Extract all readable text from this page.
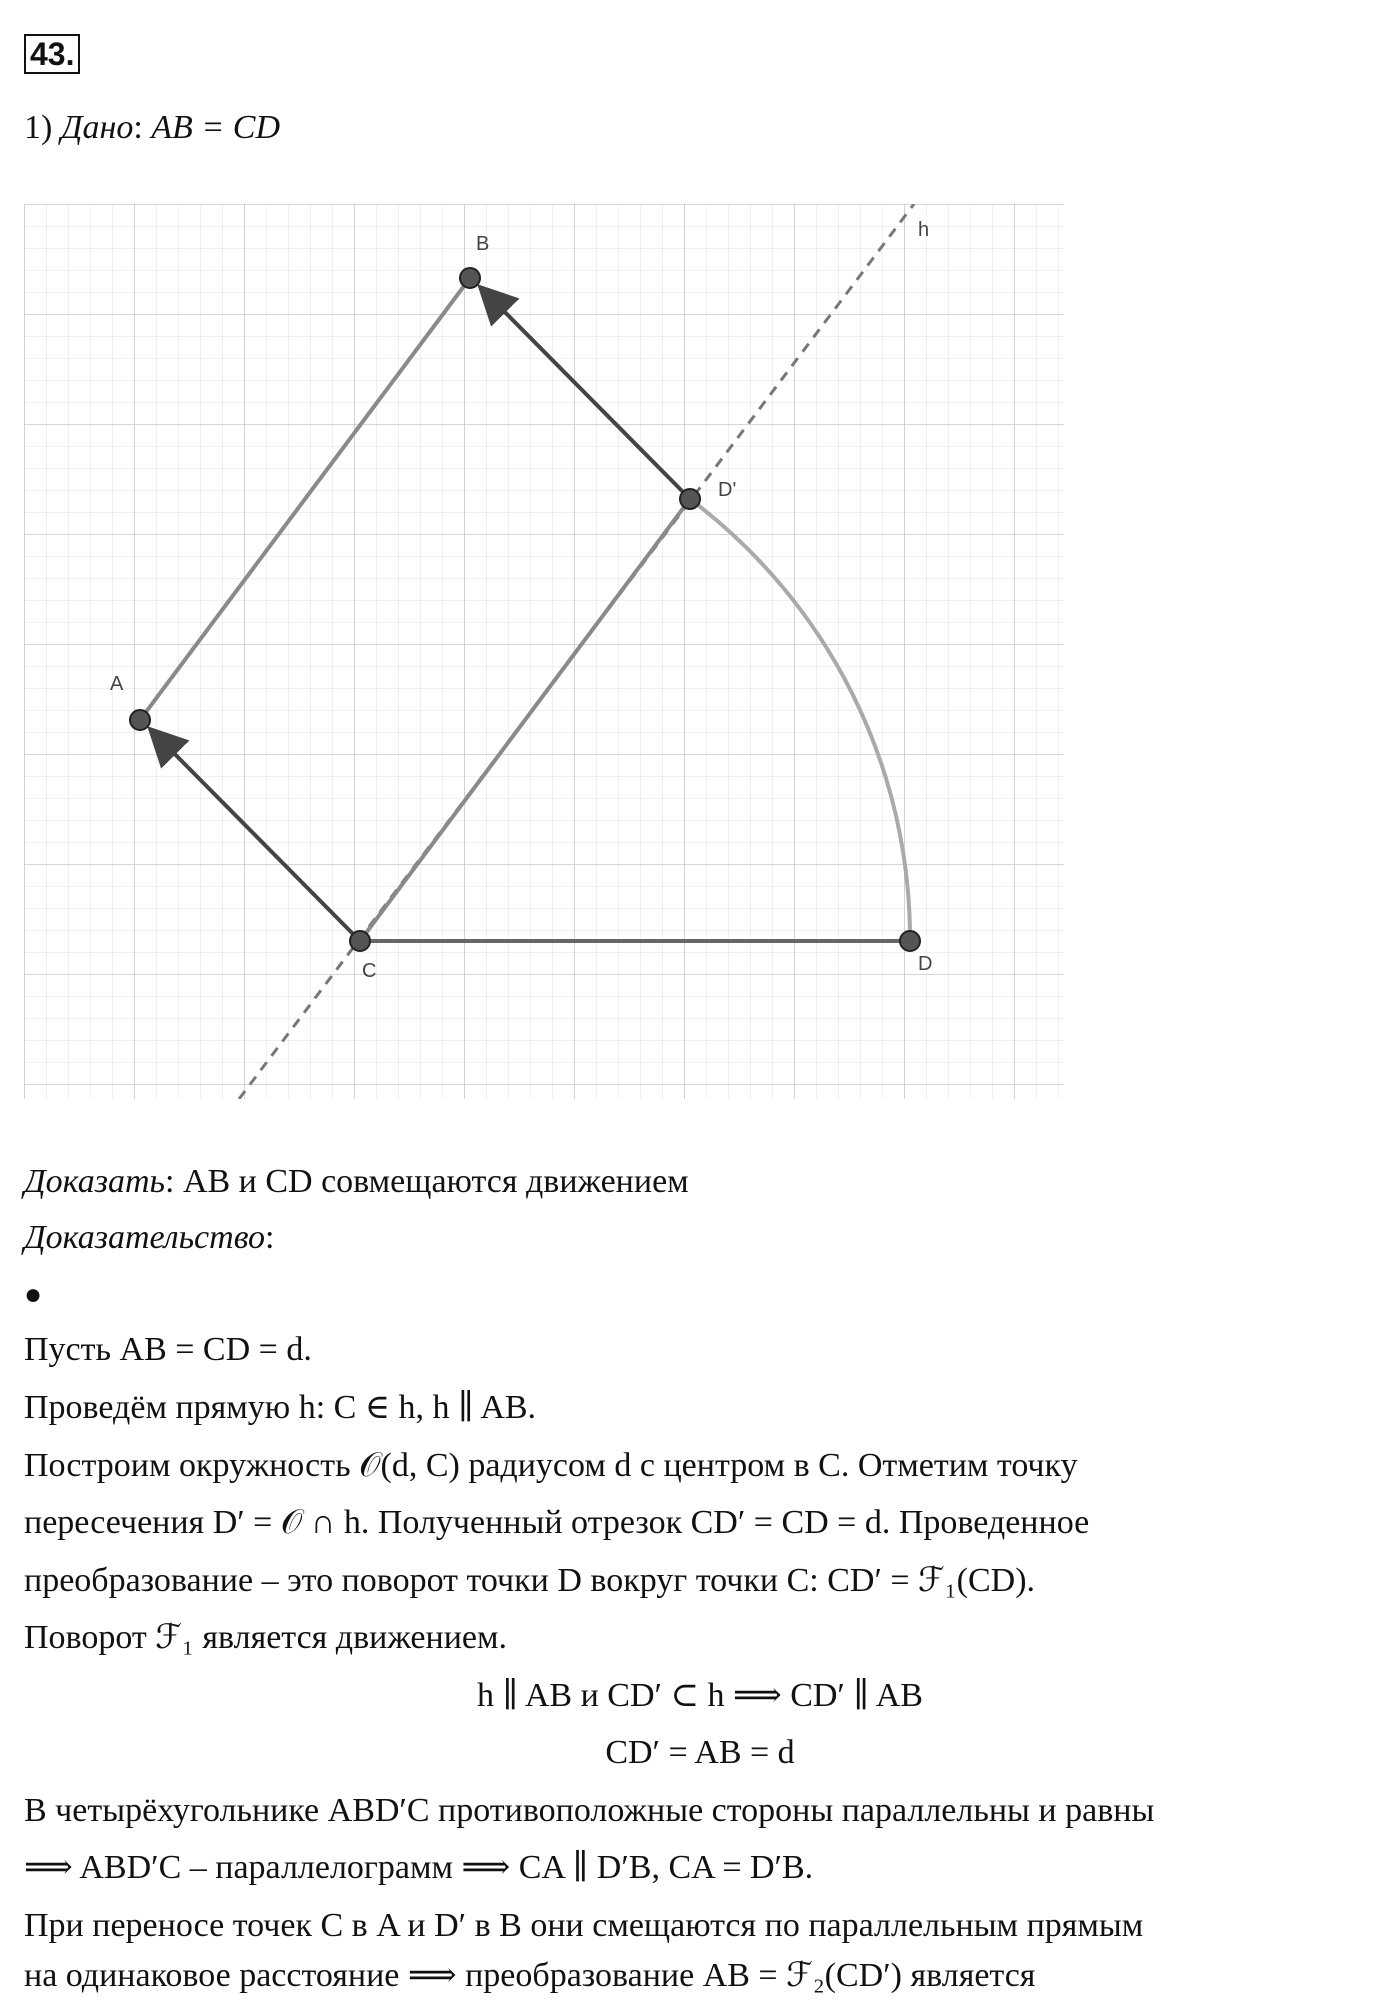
43.
1) Дано: AB = CD
A
B
C	D
D'
h
Доказать: AB и CD совмещаются движением
Доказательство:
●
Пусть AB = CD = d.
Проведём прямую h: C ∈ h, h ∥ AB.
Построим окружность 𝒪(d, C) радиусом d с центром в C. Отметим точку
пересечения D′ = 𝒪 ∩ h. Полученный отрезок CD′ = CD = d. Проведенное
преобразование – это поворот точки D вокруг точки C: CD′ = ℱ₁(CD).
Поворот ℱ₁ является движением.
h ∥ AB и CD′ ⊂ h ⟹ CD′ ∥ AB
CD′ = AB = d
В четырёхугольнике ABD′C противоположные стороны параллельны и равны
⟹ ABD′C – параллелограмм ⟹ CA ∥ D′B, CA = D′B.
При переносе точек C в A и D′ в B они смещаются по параллельным прямым
на одинаковое расстояние ⟹ преобразование AB = ℱ₂(CD′) является
